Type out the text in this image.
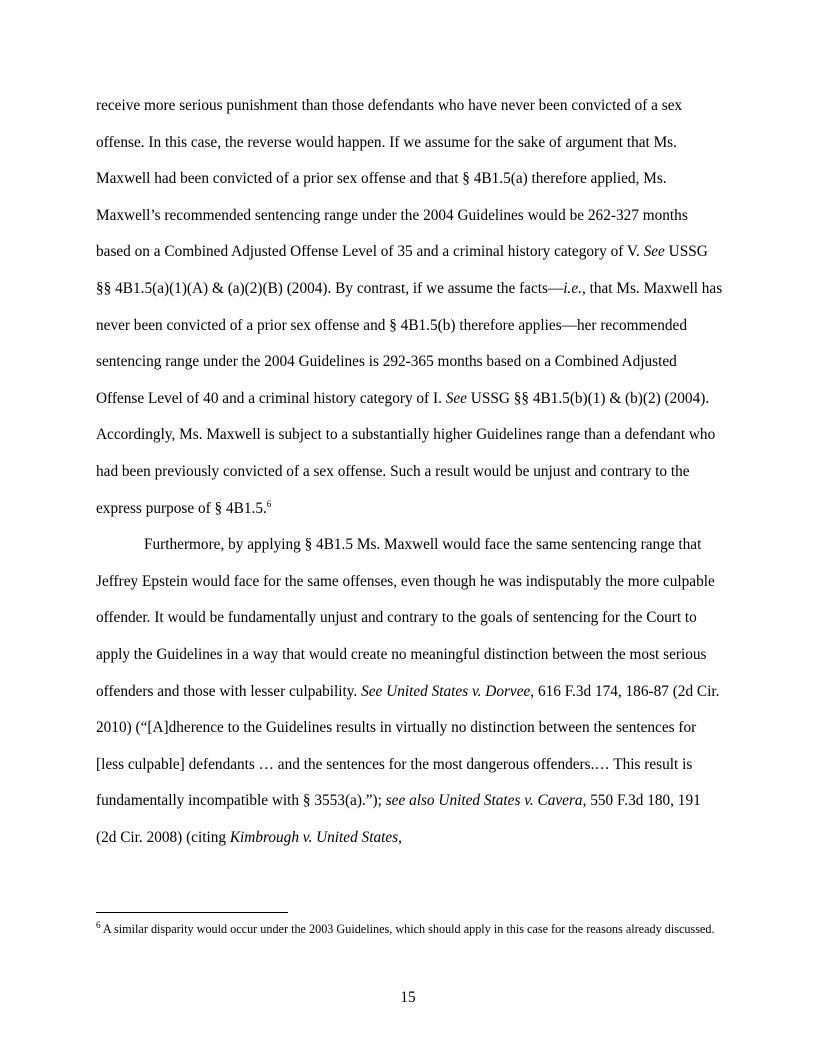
receive more serious punishment than those defendants who have never been convicted of a sex offense. In this case, the reverse would happen. If we assume for the sake of argument that Ms. Maxwell had been convicted of a prior sex offense and that § 4B1.5(a) therefore applied, Ms. Maxwell’s recommended sentencing range under the 2004 Guidelines would be 262-327 months based on a Combined Adjusted Offense Level of 35 and a criminal history category of V. See USSG §§ 4B1.5(a)(1)(A) & (a)(2)(B) (2004). By contrast, if we assume the facts—i.e., that Ms. Maxwell has never been convicted of a prior sex offense and § 4B1.5(b) therefore applies—her recommended sentencing range under the 2004 Guidelines is 292-365 months based on a Combined Adjusted Offense Level of 40 and a criminal history category of I. See USSG §§ 4B1.5(b)(1) & (b)(2) (2004). Accordingly, Ms. Maxwell is subject to a substantially higher Guidelines range than a defendant who had been previously convicted of a sex offense. Such a result would be unjust and contrary to the express purpose of § 4B1.5.$^6$

Furthermore, by applying § 4B1.5 Ms. Maxwell would face the same sentencing range that Jeffrey Epstein would face for the same offenses, even though he was indisputably the more culpable offender. It would be fundamentally unjust and contrary to the goals of sentencing for the Court to apply the Guidelines in a way that would create no meaningful distinction between the most serious offenders and those with lesser culpability. See United States v. Dorvee, 616 F.3d 174, 186-87 (2d Cir. 2010) (“[A]dherence to the Guidelines results in virtually no distinction between the sentences for [less culpable] defendants … and the sentences for the most dangerous offenders.… This result is fundamentally incompatible with § 3553(a).”); see also United States v. Cavera, 550 F.3d 180, 191 (2d Cir. 2008) (citing Kimbrough v. United States,

$^6$ A similar disparity would occur under the 2003 Guidelines, which should apply in this case for the reasons already discussed.

15
